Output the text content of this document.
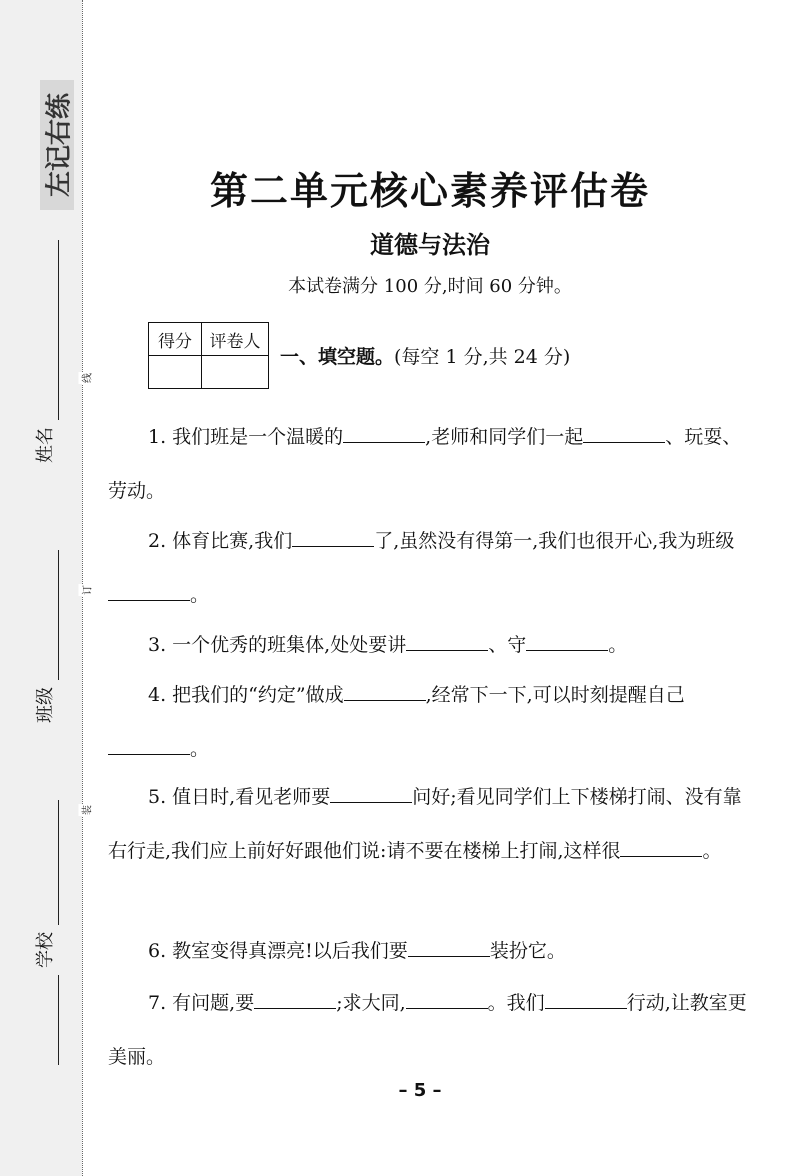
左记右练
姓名
班级
学校
线
订
装
第二单元核心素养评估卷
道德与法治
本试卷满分 100 分,时间 60 分钟。
得分	评卷人

一、填空题。(每空 1 分,共 24 分)
1. 我们班是一个温暖的	,老师和同学们一起	、玩耍、劳动。
2. 体育比赛,我们	了,虽然没有得第一,我们也很开心,我为班级。
3. 一个优秀的班集体,处处要讲	、守	。
4. 把我们的“约定”做成	,经常下一下,可以时刻提醒自己。
5. 值日时,看见老师要	问好;看见同学们上下楼梯打闹、没有靠右行走,我们应上前好好跟他们说:请不要在楼梯上打闹,这样很	。
6. 教室变得真漂亮!以后我们要	装扮它。
7. 有问题,要	;求大同,	。我们	行动,让教室更美丽。
– 5 –
